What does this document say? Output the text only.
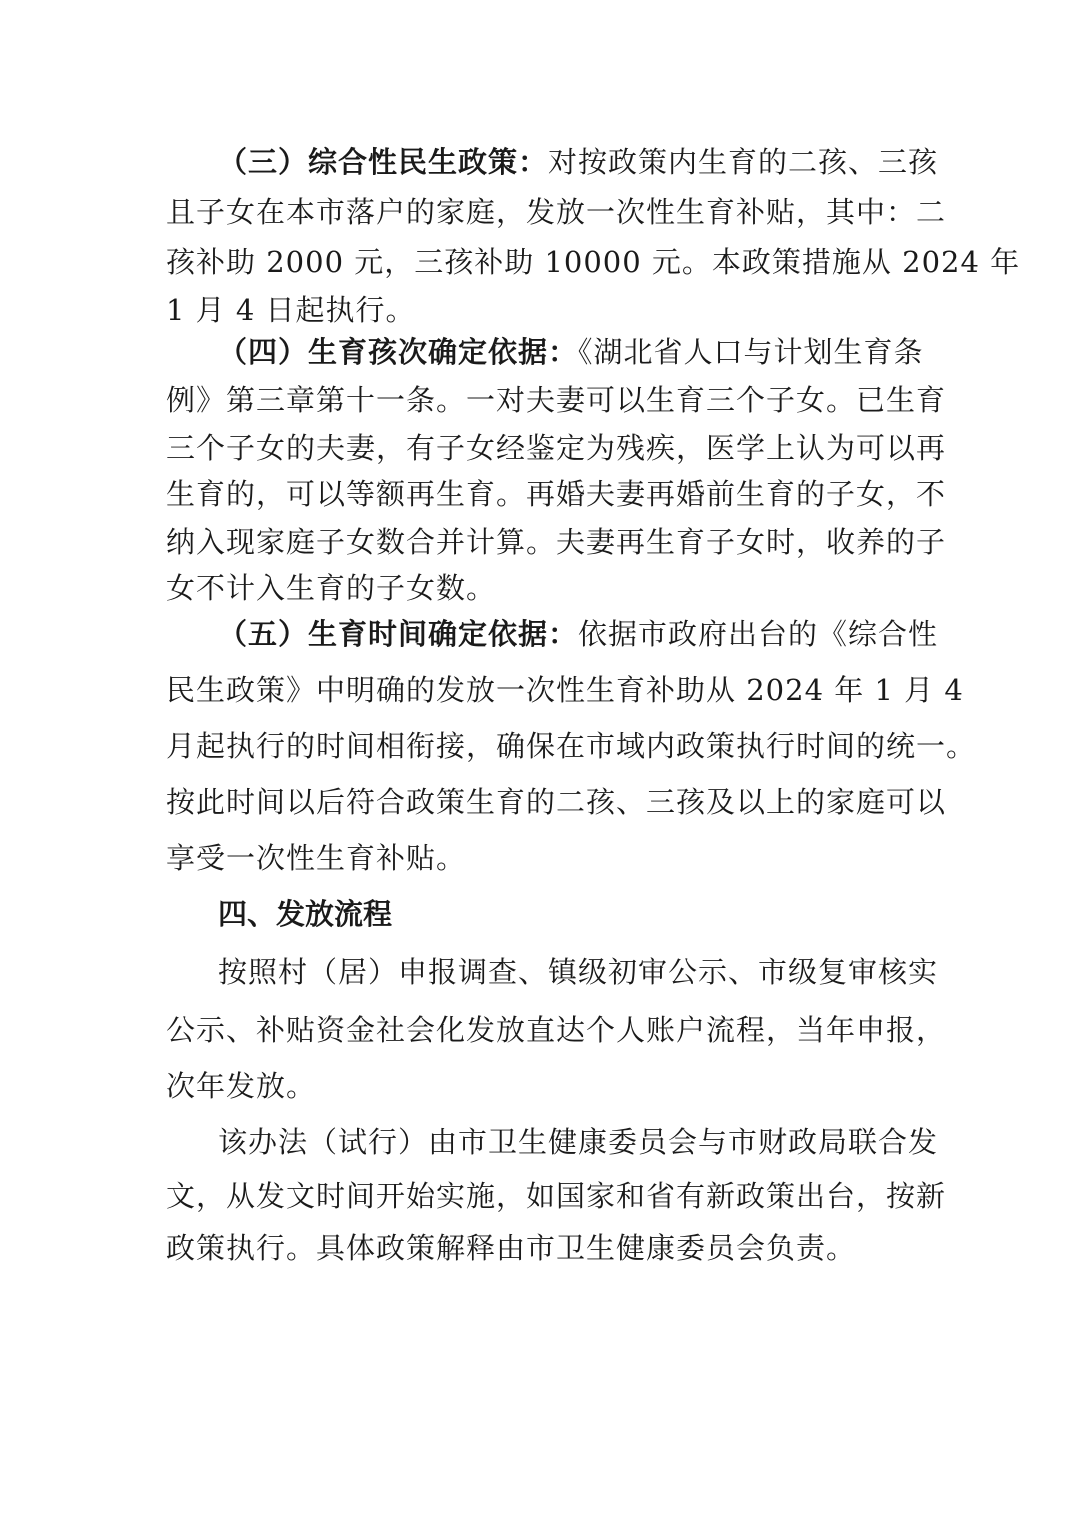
（三）综合性民生政策：对按政策内生育的二孩、三孩
且子女在本市落户的家庭，发放一次性生育补贴，其中：二
孩补助 2000 元，三孩补助 10000 元。本政策措施从 2024 年
1 月 4 日起执行。
（四）生育孩次确定依据：《湖北省人口与计划生育条
例》第三章第十一条。一对夫妻可以生育三个子女。已生育
三个子女的夫妻，有子女经鉴定为残疾，医学上认为可以再
生育的，可以等额再生育。再婚夫妻再婚前生育的子女，不
纳入现家庭子女数合并计算。夫妻再生育子女时，收养的子
女不计入生育的子女数。
（五）生育时间确定依据：依据市政府出台的《综合性
民生政策》中明确的发放一次性生育补助从 2024 年 1 月 4
月起执行的时间相衔接，确保在市域内政策执行时间的统一。
按此时间以后符合政策生育的二孩、三孩及以上的家庭可以
享受一次性生育补贴。
四、发放流程
按照村（居）申报调查、镇级初审公示、市级复审核实
公示、补贴资金社会化发放直达个人账户流程，当年申报，
次年发放。
该办法（试行）由市卫生健康委员会与市财政局联合发
文，从发文时间开始实施，如国家和省有新政策出台，按新
政策执行。具体政策解释由市卫生健康委员会负责。
